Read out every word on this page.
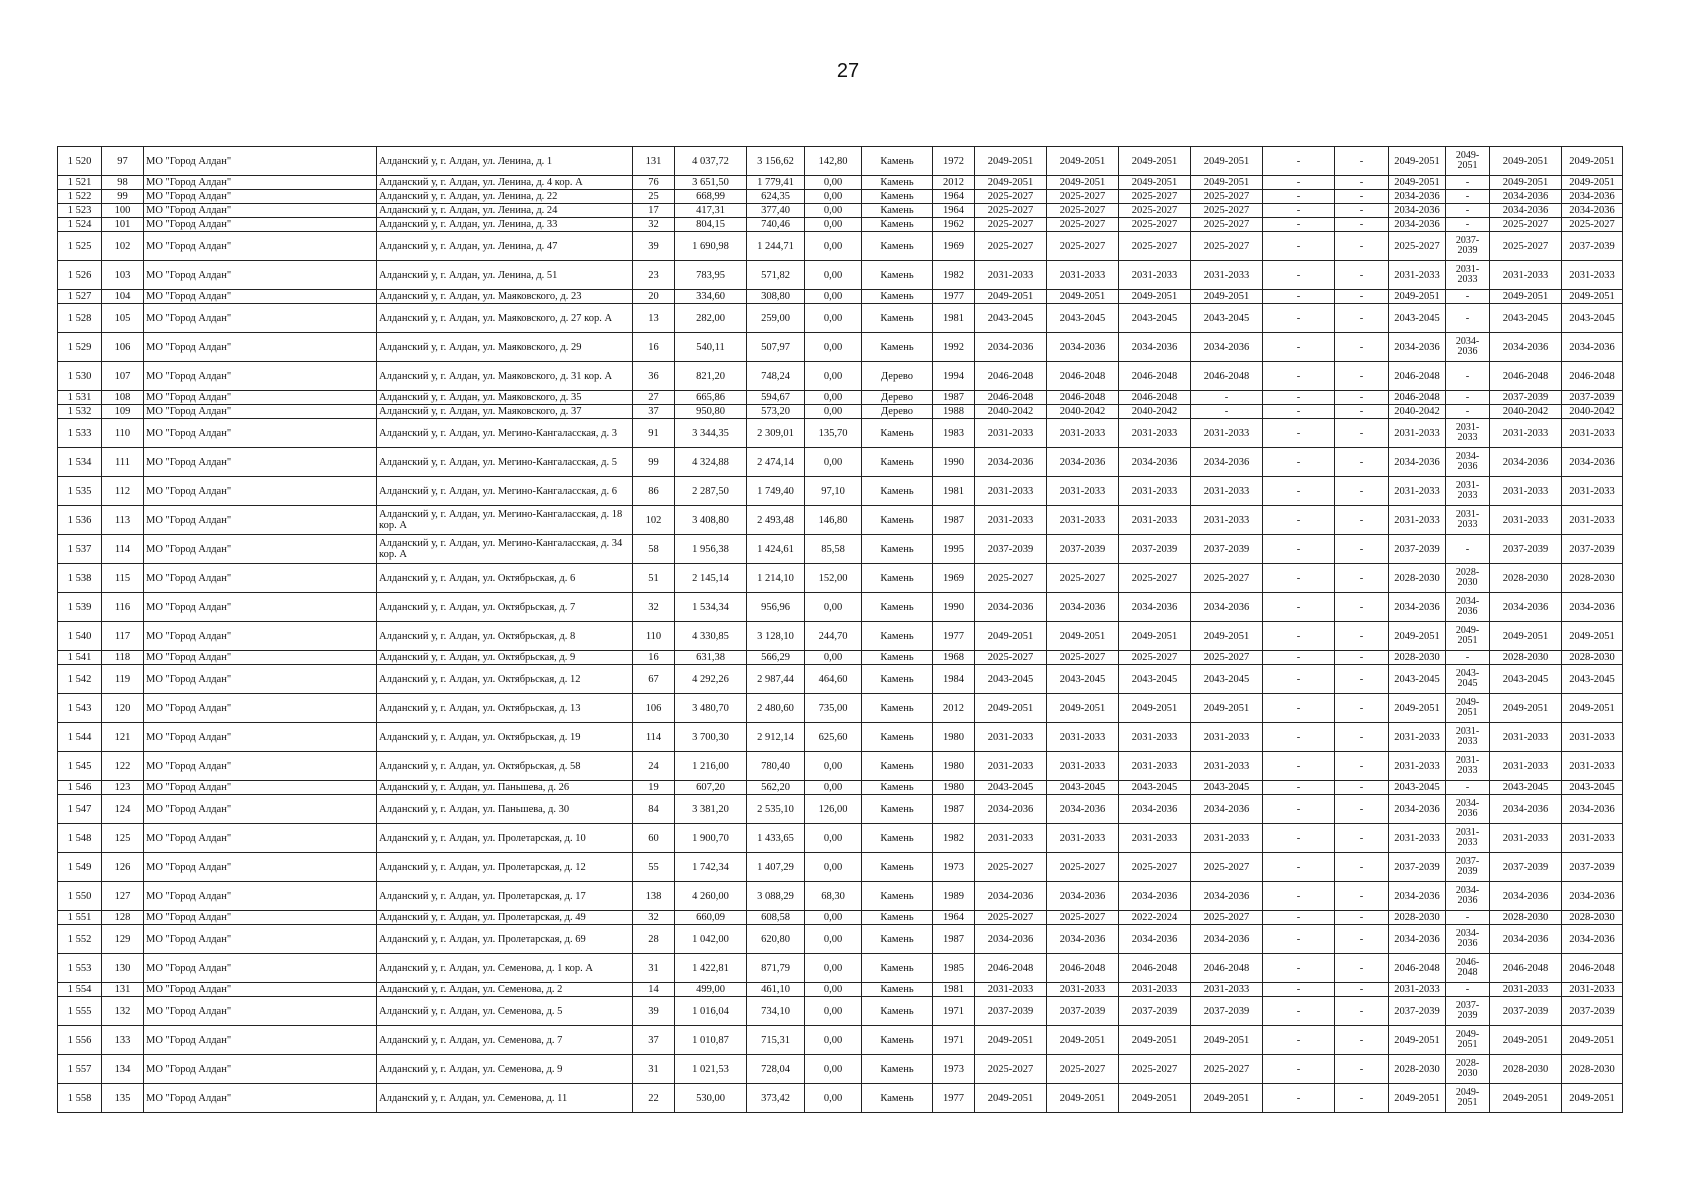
27
1 520	97	МО "Город Алдан"	Алданский у, г. Алдан, ул. Ленина, д. 1	131	4 037,72	3 156,62	142,80	Камень	1972	2049-2051	2049-2051	2049-2051	2049-2051	-	-	2049-2051	2049-2051	2049-2051	2049-2051
1 521	98	МО "Город Алдан"	Алданский у, г. Алдан, ул. Ленина, д. 4 кор. А	76	3 651,50	1 779,41	0,00	Камень	2012	2049-2051	2049-2051	2049-2051	2049-2051	-	-	2049-2051	-	2049-2051	2049-2051
1 522	99	МО "Город Алдан"	Алданский у, г. Алдан, ул. Ленина, д. 22	25	668,99	624,35	0,00	Камень	1964	2025-2027	2025-2027	2025-2027	2025-2027	-	-	2034-2036	-	2034-2036	2034-2036
1 523	100	МО "Город Алдан"	Алданский у, г. Алдан, ул. Ленина, д. 24	17	417,31	377,40	0,00	Камень	1964	2025-2027	2025-2027	2025-2027	2025-2027	-	-	2034-2036	-	2034-2036	2034-2036
1 524	101	МО "Город Алдан"	Алданский у, г. Алдан, ул. Ленина, д. 33	32	804,15	740,46	0,00	Камень	1962	2025-2027	2025-2027	2025-2027	2025-2027	-	-	2034-2036	-	2025-2027	2025-2027
1 525	102	МО "Город Алдан"	Алданский у, г. Алдан, ул. Ленина, д. 47	39	1 690,98	1 244,71	0,00	Камень	1969	2025-2027	2025-2027	2025-2027	2025-2027	-	-	2025-2027	2037-2039	2025-2027	2037-2039
1 526	103	МО "Город Алдан"	Алданский у, г. Алдан, ул. Ленина, д. 51	23	783,95	571,82	0,00	Камень	1982	2031-2033	2031-2033	2031-2033	2031-2033	-	-	2031-2033	2031-2033	2031-2033	2031-2033
1 527	104	МО "Город Алдан"	Алданский у, г. Алдан, ул. Маяковского, д. 23	20	334,60	308,80	0,00	Камень	1977	2049-2051	2049-2051	2049-2051	2049-2051	-	-	2049-2051	-	2049-2051	2049-2051
1 528	105	МО "Город Алдан"	Алданский у, г. Алдан, ул. Маяковского, д. 27 кор. А	13	282,00	259,00	0,00	Камень	1981	2043-2045	2043-2045	2043-2045	2043-2045	-	-	2043-2045	-	2043-2045	2043-2045
1 529	106	МО "Город Алдан"	Алданский у, г. Алдан, ул. Маяковского, д. 29	16	540,11	507,97	0,00	Камень	1992	2034-2036	2034-2036	2034-2036	2034-2036	-	-	2034-2036	2034-2036	2034-2036	2034-2036
1 530	107	МО "Город Алдан"	Алданский у, г. Алдан, ул. Маяковского, д. 31 кор. А	36	821,20	748,24	0,00	Дерево	1994	2046-2048	2046-2048	2046-2048	2046-2048	-	-	2046-2048	-	2046-2048	2046-2048
1 531	108	МО "Город Алдан"	Алданский у, г. Алдан, ул. Маяковского, д. 35	27	665,86	594,67	0,00	Дерево	1987	2046-2048	2046-2048	2046-2048	-	-	-	2046-2048	-	2037-2039	2037-2039
1 532	109	МО "Город Алдан"	Алданский у, г. Алдан, ул. Маяковского, д. 37	37	950,80	573,20	0,00	Дерево	1988	2040-2042	2040-2042	2040-2042	-	-	-	2040-2042	-	2040-2042	2040-2042
1 533	110	МО "Город Алдан"	Алданский у, г. Алдан, ул. Мегино-Кангаласская, д. 3	91	3 344,35	2 309,01	135,70	Камень	1983	2031-2033	2031-2033	2031-2033	2031-2033	-	-	2031-2033	2031-2033	2031-2033	2031-2033
1 534	111	МО "Город Алдан"	Алданский у, г. Алдан, ул. Мегино-Кангаласская, д. 5	99	4 324,88	2 474,14	0,00	Камень	1990	2034-2036	2034-2036	2034-2036	2034-2036	-	-	2034-2036	2034-2036	2034-2036	2034-2036
1 535	112	МО "Город Алдан"	Алданский у, г. Алдан, ул. Мегино-Кангаласская, д. 6	86	2 287,50	1 749,40	97,10	Камень	1981	2031-2033	2031-2033	2031-2033	2031-2033	-	-	2031-2033	2031-2033	2031-2033	2031-2033
1 536	113	МО "Город Алдан"	Алданский у, г. Алдан, ул. Мегино-Кангаласская, д. 18 кор. А	102	3 408,80	2 493,48	146,80	Камень	1987	2031-2033	2031-2033	2031-2033	2031-2033	-	-	2031-2033	2031-2033	2031-2033	2031-2033
1 537	114	МО "Город Алдан"	Алданский у, г. Алдан, ул. Мегино-Кангаласская, д. 34 кор. А	58	1 956,38	1 424,61	85,58	Камень	1995	2037-2039	2037-2039	2037-2039	2037-2039	-	-	2037-2039	-	2037-2039	2037-2039
1 538	115	МО "Город Алдан"	Алданский у, г. Алдан, ул. Октябрьская, д. 6	51	2 145,14	1 214,10	152,00	Камень	1969	2025-2027	2025-2027	2025-2027	2025-2027	-	-	2028-2030	2028-2030	2028-2030	2028-2030
1 539	116	МО "Город Алдан"	Алданский у, г. Алдан, ул. Октябрьская, д. 7	32	1 534,34	956,96	0,00	Камень	1990	2034-2036	2034-2036	2034-2036	2034-2036	-	-	2034-2036	2034-2036	2034-2036	2034-2036
1 540	117	МО "Город Алдан"	Алданский у, г. Алдан, ул. Октябрьская, д. 8	110	4 330,85	3 128,10	244,70	Камень	1977	2049-2051	2049-2051	2049-2051	2049-2051	-	-	2049-2051	2049-2051	2049-2051	2049-2051
1 541	118	МО "Город Алдан"	Алданский у, г. Алдан, ул. Октябрьская, д. 9	16	631,38	566,29	0,00	Камень	1968	2025-2027	2025-2027	2025-2027	2025-2027	-	-	2028-2030	-	2028-2030	2028-2030
1 542	119	МО "Город Алдан"	Алданский у, г. Алдан, ул. Октябрьская, д. 12	67	4 292,26	2 987,44	464,60	Камень	1984	2043-2045	2043-2045	2043-2045	2043-2045	-	-	2043-2045	2043-2045	2043-2045	2043-2045
1 543	120	МО "Город Алдан"	Алданский у, г. Алдан, ул. Октябрьская, д. 13	106	3 480,70	2 480,60	735,00	Камень	2012	2049-2051	2049-2051	2049-2051	2049-2051	-	-	2049-2051	2049-2051	2049-2051	2049-2051
1 544	121	МО "Город Алдан"	Алданский у, г. Алдан, ул. Октябрьская, д. 19	114	3 700,30	2 912,14	625,60	Камень	1980	2031-2033	2031-2033	2031-2033	2031-2033	-	-	2031-2033	2031-2033	2031-2033	2031-2033
1 545	122	МО "Город Алдан"	Алданский у, г. Алдан, ул. Октябрьская, д. 58	24	1 216,00	780,40	0,00	Камень	1980	2031-2033	2031-2033	2031-2033	2031-2033	-	-	2031-2033	2031-2033	2031-2033	2031-2033
1 546	123	МО "Город Алдан"	Алданский у, г. Алдан, ул. Паньшева, д. 26	19	607,20	562,20	0,00	Камень	1980	2043-2045	2043-2045	2043-2045	2043-2045	-	-	2043-2045	-	2043-2045	2043-2045
1 547	124	МО "Город Алдан"	Алданский у, г. Алдан, ул. Паньшева, д. 30	84	3 381,20	2 535,10	126,00	Камень	1987	2034-2036	2034-2036	2034-2036	2034-2036	-	-	2034-2036	2034-2036	2034-2036	2034-2036
1 548	125	МО "Город Алдан"	Алданский у, г. Алдан, ул. Пролетарская, д. 10	60	1 900,70	1 433,65	0,00	Камень	1982	2031-2033	2031-2033	2031-2033	2031-2033	-	-	2031-2033	2031-2033	2031-2033	2031-2033
1 549	126	МО "Город Алдан"	Алданский у, г. Алдан, ул. Пролетарская, д. 12	55	1 742,34	1 407,29	0,00	Камень	1973	2025-2027	2025-2027	2025-2027	2025-2027	-	-	2037-2039	2037-2039	2037-2039	2037-2039
1 550	127	МО "Город Алдан"	Алданский у, г. Алдан, ул. Пролетарская, д. 17	138	4 260,00	3 088,29	68,30	Камень	1989	2034-2036	2034-2036	2034-2036	2034-2036	-	-	2034-2036	2034-2036	2034-2036	2034-2036
1 551	128	МО "Город Алдан"	Алданский у, г. Алдан, ул. Пролетарская, д. 49	32	660,09	608,58	0,00	Камень	1964	2025-2027	2025-2027	2022-2024	2025-2027	-	-	2028-2030	-	2028-2030	2028-2030
1 552	129	МО "Город Алдан"	Алданский у, г. Алдан, ул. Пролетарская, д. 69	28	1 042,00	620,80	0,00	Камень	1987	2034-2036	2034-2036	2034-2036	2034-2036	-	-	2034-2036	2034-2036	2034-2036	2034-2036
1 553	130	МО "Город Алдан"	Алданский у, г. Алдан, ул. Семенова, д. 1 кор. А	31	1 422,81	871,79	0,00	Камень	1985	2046-2048	2046-2048	2046-2048	2046-2048	-	-	2046-2048	2046-2048	2046-2048	2046-2048
1 554	131	МО "Город Алдан"	Алданский у, г. Алдан, ул. Семенова, д. 2	14	499,00	461,10	0,00	Камень	1981	2031-2033	2031-2033	2031-2033	2031-2033	-	-	2031-2033	-	2031-2033	2031-2033
1 555	132	МО "Город Алдан"	Алданский у, г. Алдан, ул. Семенова, д. 5	39	1 016,04	734,10	0,00	Камень	1971	2037-2039	2037-2039	2037-2039	2037-2039	-	-	2037-2039	2037-2039	2037-2039	2037-2039
1 556	133	МО "Город Алдан"	Алданский у, г. Алдан, ул. Семенова, д. 7	37	1 010,87	715,31	0,00	Камень	1971	2049-2051	2049-2051	2049-2051	2049-2051	-	-	2049-2051	2049-2051	2049-2051	2049-2051
1 557	134	МО "Город Алдан"	Алданский у, г. Алдан, ул. Семенова, д. 9	31	1 021,53	728,04	0,00	Камень	1973	2025-2027	2025-2027	2025-2027	2025-2027	-	-	2028-2030	2028-2030	2028-2030	2028-2030
1 558	135	МО "Город Алдан"	Алданский у, г. Алдан, ул. Семенова, д. 11	22	530,00	373,42	0,00	Камень	1977	2049-2051	2049-2051	2049-2051	2049-2051	-	-	2049-2051	2049-2051	2049-2051	2049-2051
